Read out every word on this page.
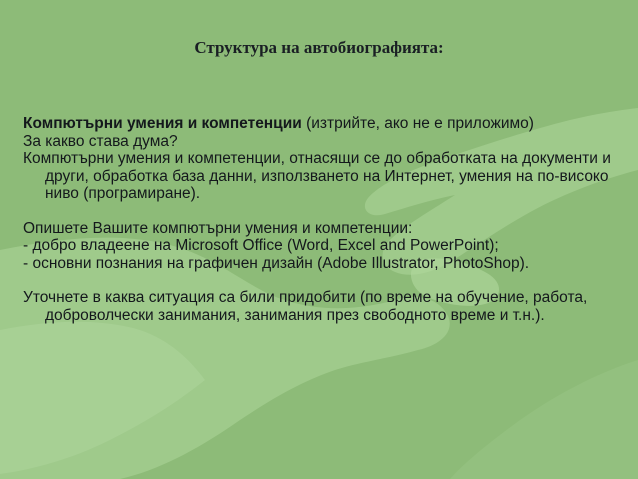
Структура на автобиографията:

Компютърни умения и компетенции (изтрийте, ако не е приложимо)

За какво става дума?

Компютърни умения и компетенции, отнасящи се до обработката на документи и други, обработка база данни, използването на Интернет, умения на по-високо ниво (програмиране).

Опишете Вашите компютърни умения и компетенции:

- добро владеене на Microsoft Office (Word, Excel and PowerPoint);

- основни познания на графичен дизайн (Adobe Illustrator, PhotoShop).

Уточнете в каква ситуация са били придобити (по време на обучение, работа, доброволчески занимания, занимания през свободното време и т.н.).
